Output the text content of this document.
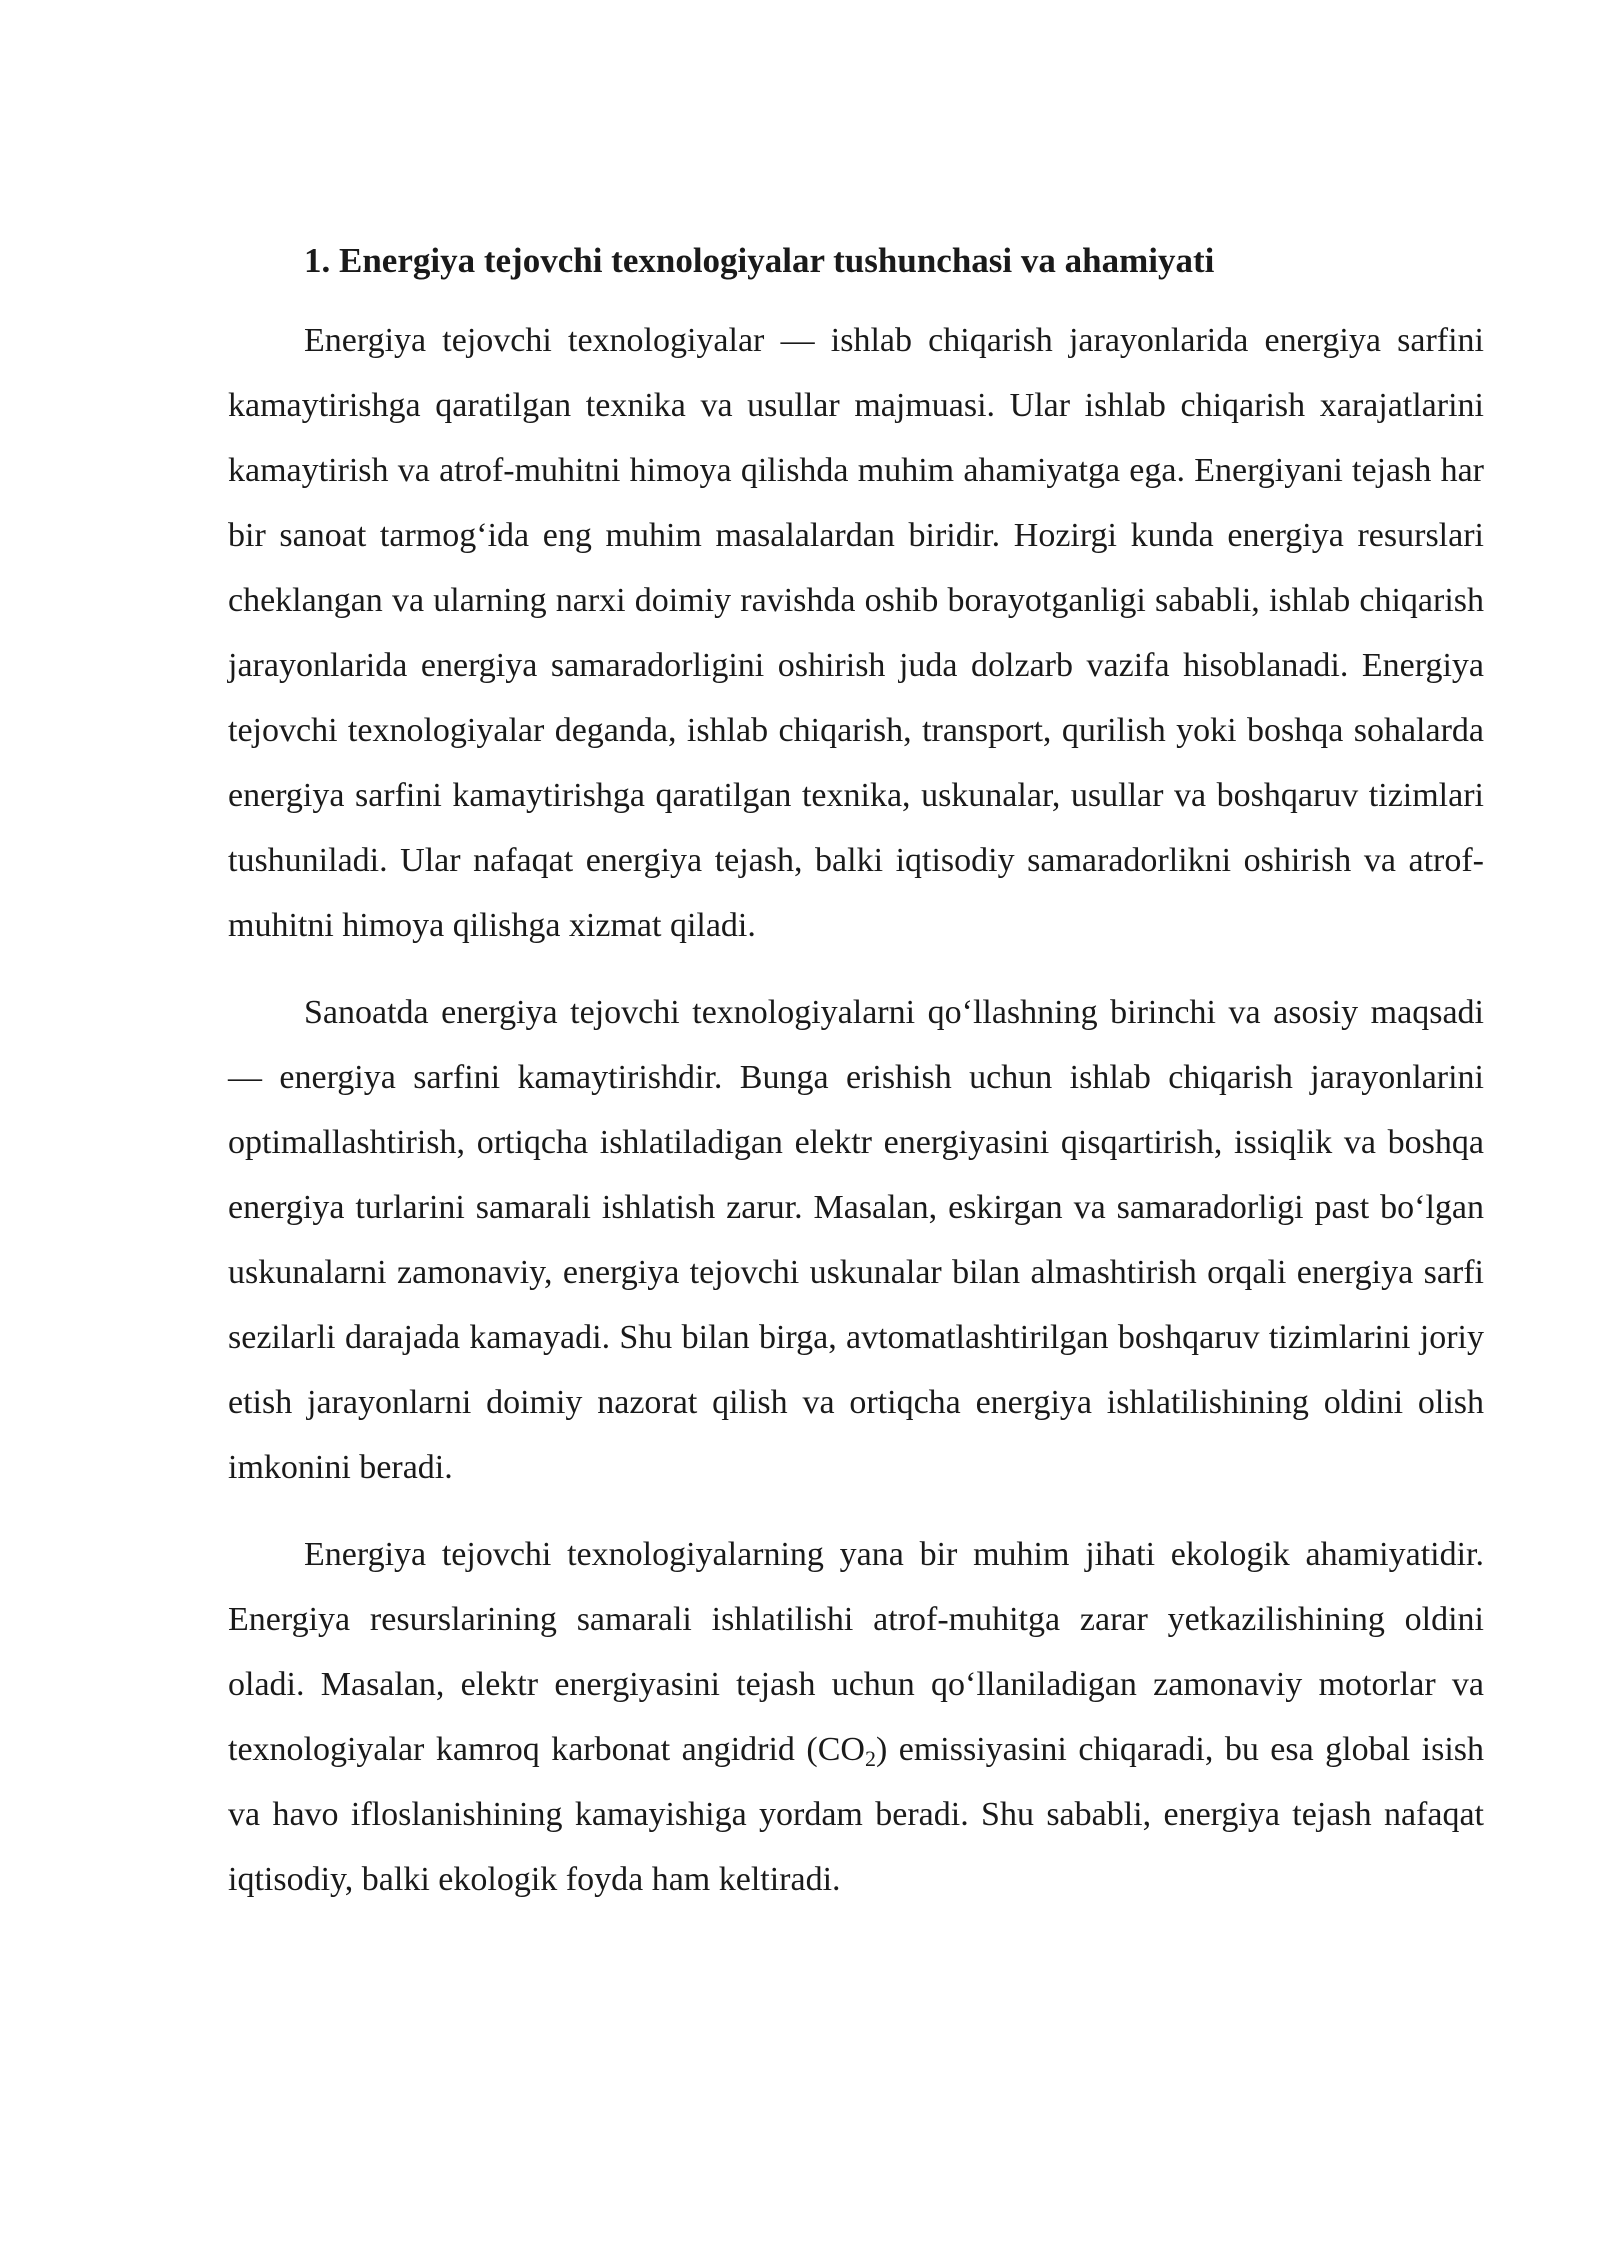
1. Energiya tejovchi texnologiyalar tushunchasi va ahamiyati

Energiya tejovchi texnologiyalar — ishlab chiqarish jarayonlarida energiya sarfini kamaytirishga qaratilgan texnika va usullar majmuasi. Ular ishlab chiqarish xarajatlarini kamaytirish va atrof-muhitni himoya qilishda muhim ahamiyatga ega. Energiyani tejash har bir sanoat tarmog‘ida eng muhim masalalardan biridir. Hozirgi kunda energiya resurslari cheklangan va ularning narxi doimiy ravishda oshib borayotganligi sababli, ishlab chiqarish jarayonlarida energiya samaradorligini oshirish juda dolzarb vazifa hisoblanadi. Energiya tejovchi texnologiyalar deganda, ishlab chiqarish, transport, qurilish yoki boshqa sohalarda energiya sarfini kamaytirishga qaratilgan texnika, uskunalar, usullar va boshqaruv tizimlari tushuniladi. Ular nafaqat energiya tejash, balki iqtisodiy samaradorlikni oshirish va atrof-muhitni himoya qilishga xizmat qiladi.

Sanoatda energiya tejovchi texnologiyalarni qo‘llashning birinchi va asosiy maqsadi — energiya sarfini kamaytirishdir. Bunga erishish uchun ishlab chiqarish jarayonlarini optimallashtirish, ortiqcha ishlatiladigan elektr energiyasini qisqartirish, issiqlik va boshqa energiya turlarini samarali ishlatish zarur. Masalan, eskirgan va samaradorligi past bo‘lgan uskunalarni zamonaviy, energiya tejovchi uskunalar bilan almashtirish orqali energiya sarfi sezilarli darajada kamayadi. Shu bilan birga, avtomatlashtirilgan boshqaruv tizimlarini joriy etish jarayonlarni doimiy nazorat qilish va ortiqcha energiya ishlatilishining oldini olish imkonini beradi.

Energiya tejovchi texnologiyalarning yana bir muhim jihati ekologik ahamiyatidir. Energiya resurslarining samarali ishlatilishi atrof-muhitga zarar yetkazilishining oldini oladi. Masalan, elektr energiyasini tejash uchun qo‘llaniladigan zamonaviy motorlar va texnologiyalar kamroq karbonat angidrid $(CO_2)$ emissiyasini chiqaradi, bu esa global isish va havo ifloslanishining kamayishiga yordam beradi. Shu sababli, energiya tejash nafaqat iqtisodiy, balki ekologik foyda ham keltiradi.
